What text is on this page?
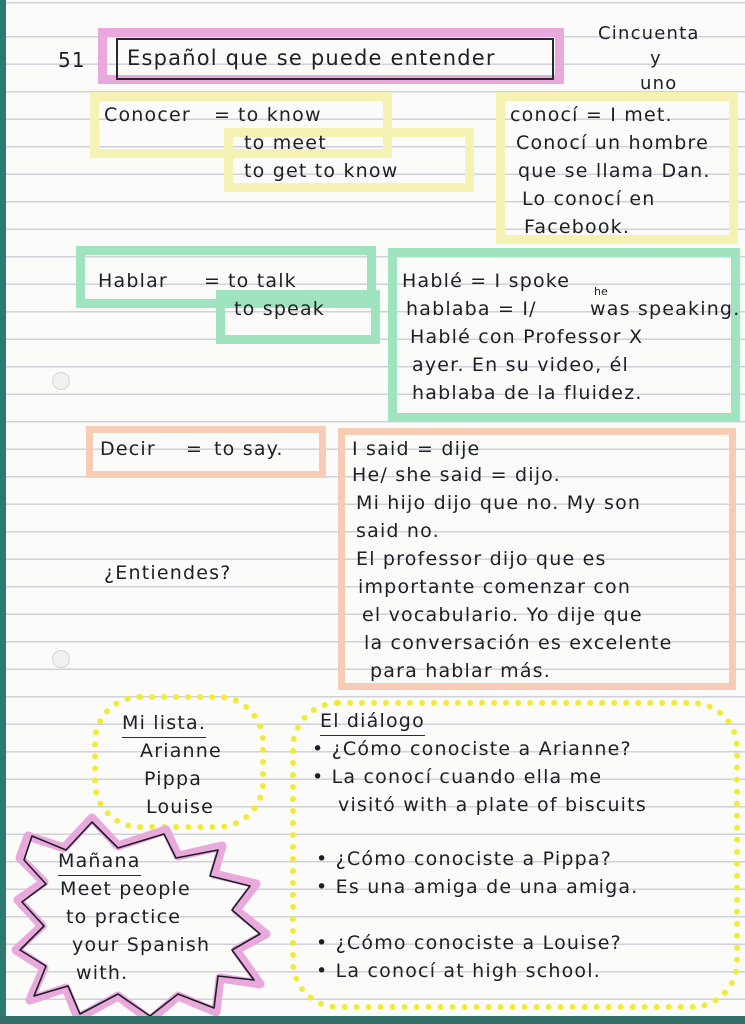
51 Español que se puede entender
Cincuenta
y
uno
Conocer = to know
to meet
to get to know
conocí = I met.
Conocí un hombre
que se llama Dan.
Lo conocí en
Facebook.
Hablar = to talk
to speak
Hablé = I spoke
hablaba = I/
he
was speaking.
Hablé con Professor X
ayer. En su video, él
hablaba de la fluidez.
Decir = to say.	I said = dije
He/ she said = dijo.
Mi hijo dijo que no. My son
said no.
El professor dijo que es
importante comenzar con
el vocabulario. Yo dije que
la conversación es excelente
para hablar más.
¿Entiendes?
Mi lista.
Arianne
Pippa
Louise
El diálogo
• ¿Cómo conociste a Arianne?
• La conocí cuando ella me
visitó with a plate of biscuits
• ¿Cómo conociste a Pippa?
• Es una amiga de una amiga.
• ¿Cómo conociste a Louise?
• La conocí at high school.
Mañana
Meet people
to practice
your Spanish
with.
